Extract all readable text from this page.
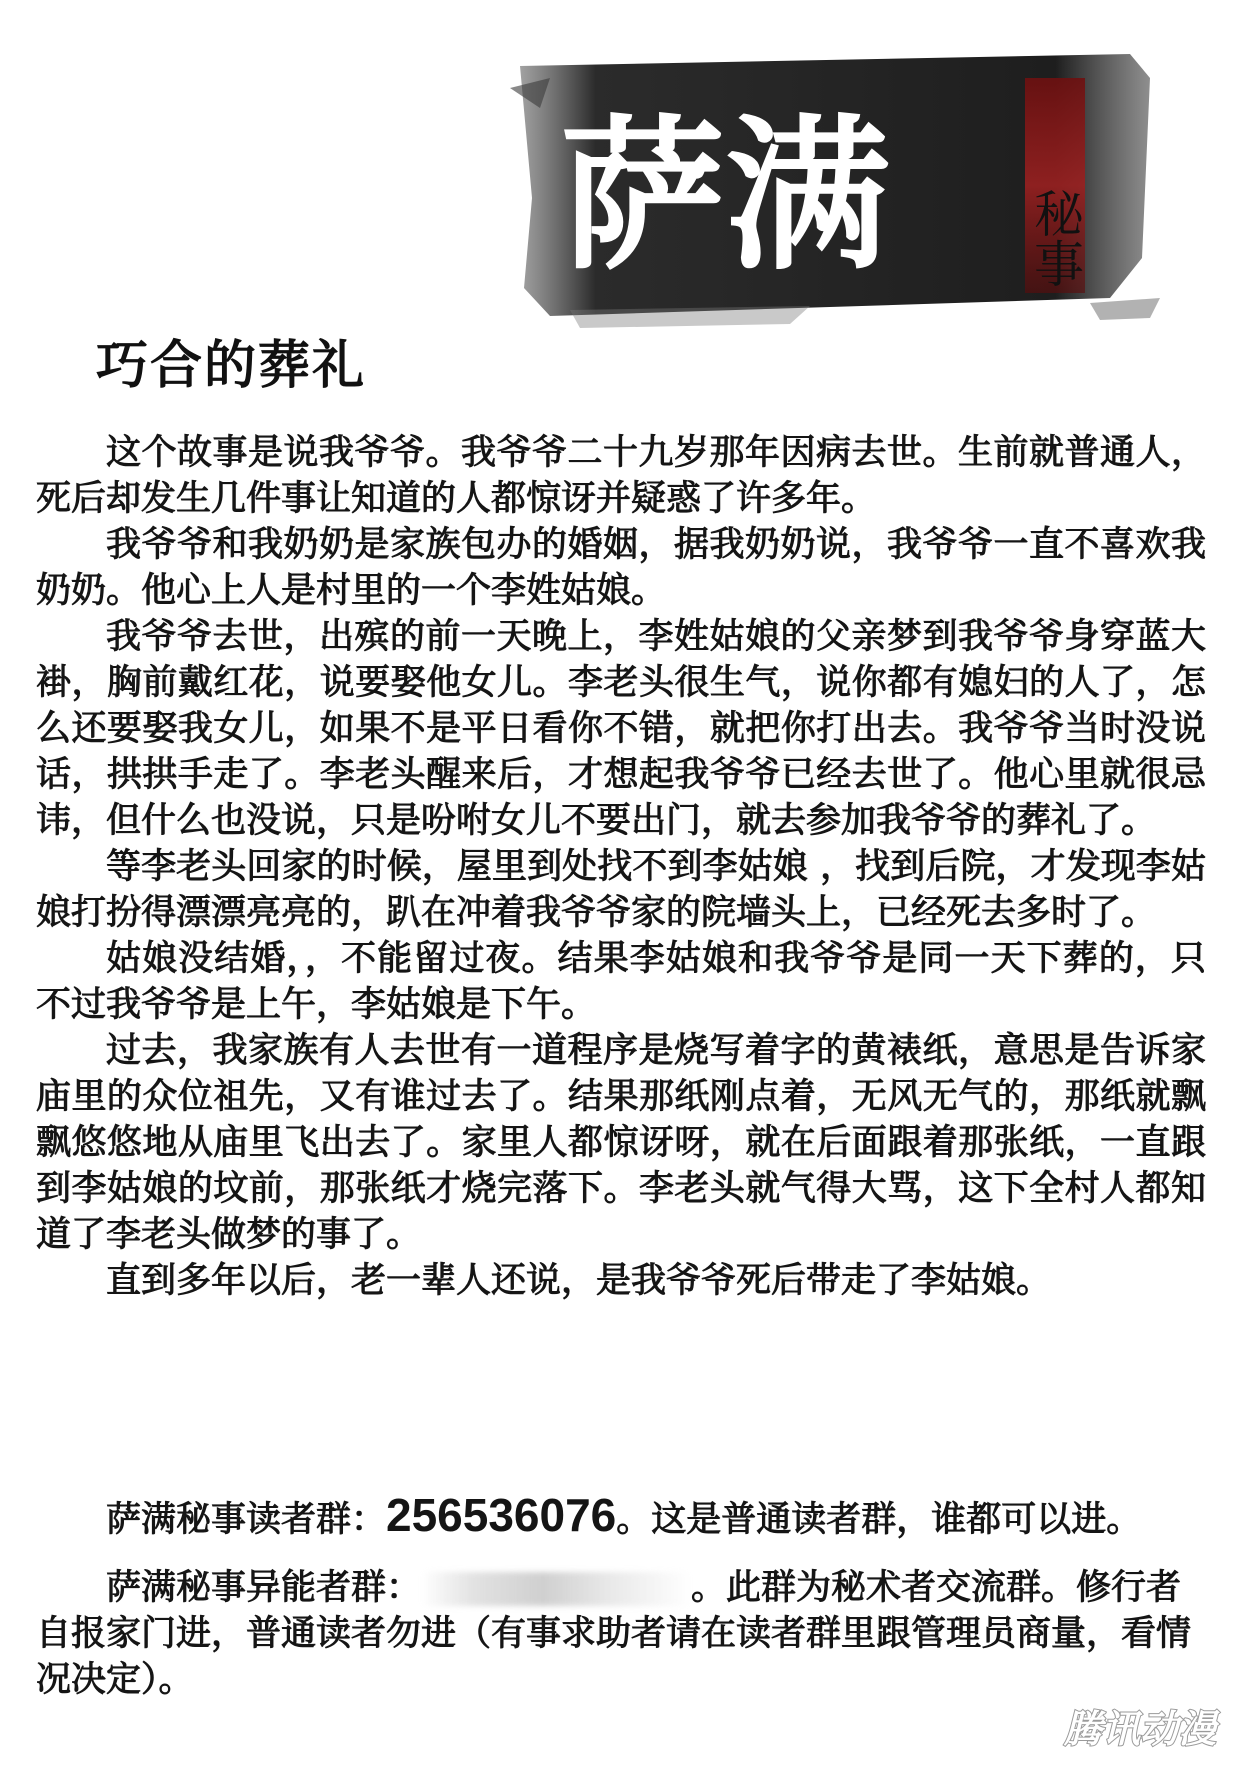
萨满	秘事
巧合的葬礼

这个故事是说我爷爷。我爷爷二十九岁那年因病去世。生前就普通人，死后却发生几件事让知道的人都惊讶并疑惑了许多年。

我爷爷和我奶奶是家族包办的婚姻，据我奶奶说，我爷爷一直不喜欢我奶奶。他心上人是村里的一个李姓姑娘。

我爷爷去世，出殡的前一天晚上，李姓姑娘的父亲梦到我爷爷身穿蓝大褂，胸前戴红花，说要娶他女儿。李老头很生气，说你都有媳妇的人了，怎么还要娶我女儿，如果不是平日看你不错，就把你打出去。我爷爷当时没说话，拱拱手走了。李老头醒来后，才想起我爷爷已经去世了。他心里就很忌讳，但什么也没说，只是吩咐女儿不要出门，就去参加我爷爷的葬礼了。

等李老头回家的时候，屋里到处找不到李姑娘 ，找到后院，才发现李姑娘打扮得漂漂亮亮的，趴在冲着我爷爷家的院墙头上，已经死去多时了。

姑娘没结婚，，不能留过夜。结果李姑娘和我爷爷是同一天下葬的，只不过我爷爷是上午，李姑娘是下午。

过去，我家族有人去世有一道程序是烧写着字的黄裱纸，意思是告诉家庙里的众位祖先，又有谁过去了。结果那纸刚点着，无风无气的，那纸就飘飘悠悠地从庙里飞出去了。家里人都惊讶呀，就在后面跟着那张纸，一直跟到李姑娘的坟前，那张纸才烧完落下。李老头就气得大骂，这下全村人都知道了李老头做梦的事了。

直到多年以后，老一辈人还说，是我爷爷死后带走了李姑娘。

萨满秘事读者群：256536076。这是普通读者群，谁都可以进。

萨满秘事异能者群：	。此群为秘术者交流群。修行者自报家门进，普通读者勿进（有事求助者请在读者群里跟管理员商量，看情况决定）。

腾讯动漫
